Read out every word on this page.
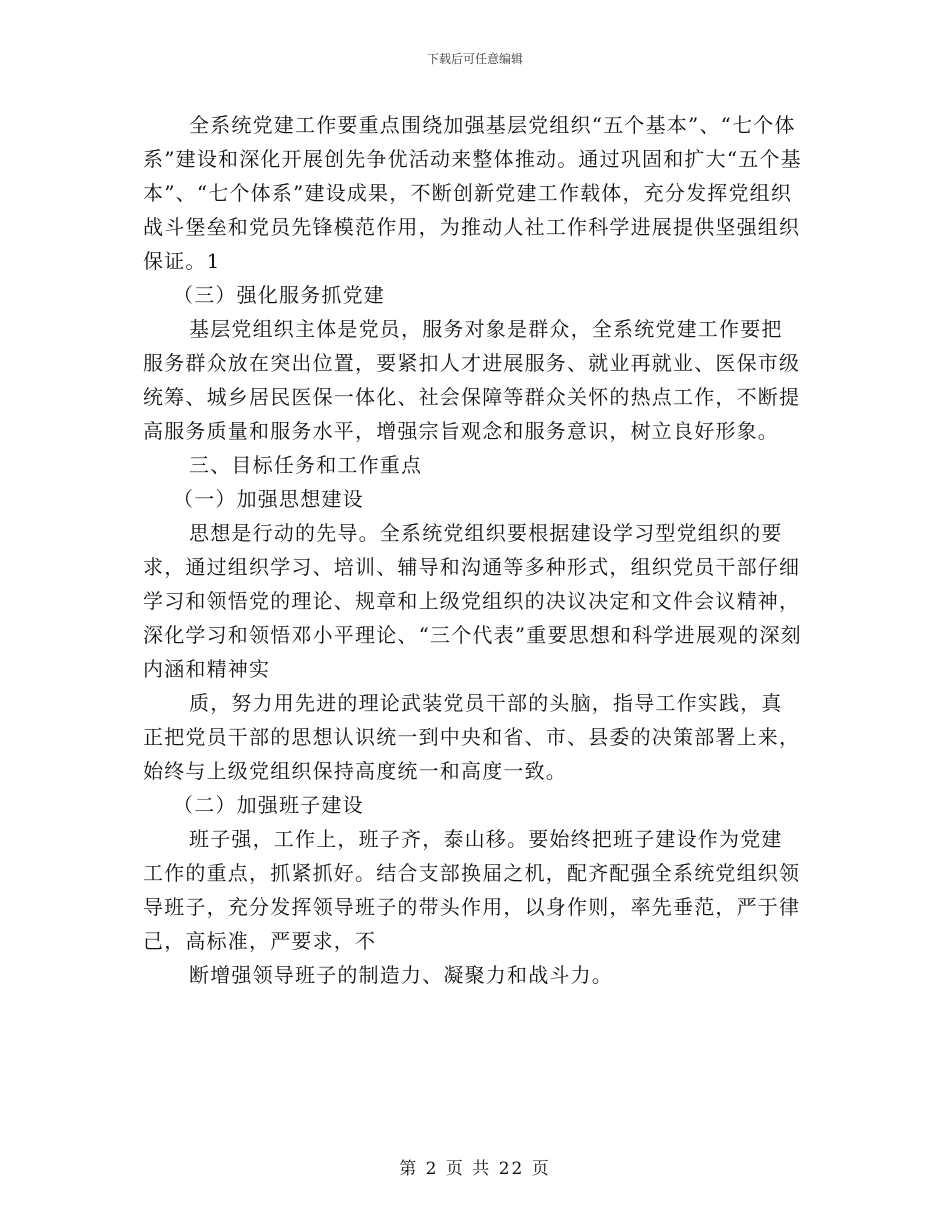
下载后可任意编辑

全系统党建工作要重点围绕加强基层党组织“五个基本”、“七个体系”建设和深化开展创先争优活动来整体推动。通过巩固和扩大“五个基本”、“七个体系”建设成果，不断创新党建工作载体，充分发挥党组织战斗堡垒和党员先锋模范作用，为推动人社工作科学进展提供坚强组织保证。1

（三）强化服务抓党建

基层党组织主体是党员，服务对象是群众，全系统党建工作要把服务群众放在突出位置，要紧扣人才进展服务、就业再就业、医保市级统筹、城乡居民医保一体化、社会保障等群众关怀的热点工作，不断提高服务质量和服务水平，增强宗旨观念和服务意识，树立良好形象。

三、目标任务和工作重点

（一）加强思想建设

思想是行动的先导。全系统党组织要根据建设学习型党组织的要求，通过组织学习、培训、辅导和沟通等多种形式，组织党员干部仔细学习和领悟党的理论、规章和上级党组织的决议决定和文件会议精神，深化学习和领悟邓小平理论、“三个代表”重要思想和科学进展观的深刻内涵和精神实

质，努力用先进的理论武装党员干部的头脑，指导工作实践，真正把党员干部的思想认识统一到中央和省、市、县委的决策部署上来，始终与上级党组织保持高度统一和高度一致。

（二）加强班子建设

班子强，工作上，班子齐，泰山移。要始终把班子建设作为党建工作的重点，抓紧抓好。结合支部换届之机，配齐配强全系统党组织领导班子，充分发挥领导班子的带头作用，以身作则，率先垂范，严于律己，高标准，严要求，不

断增强领导班子的制造力、凝聚力和战斗力。

第 2 页 共 22 页
